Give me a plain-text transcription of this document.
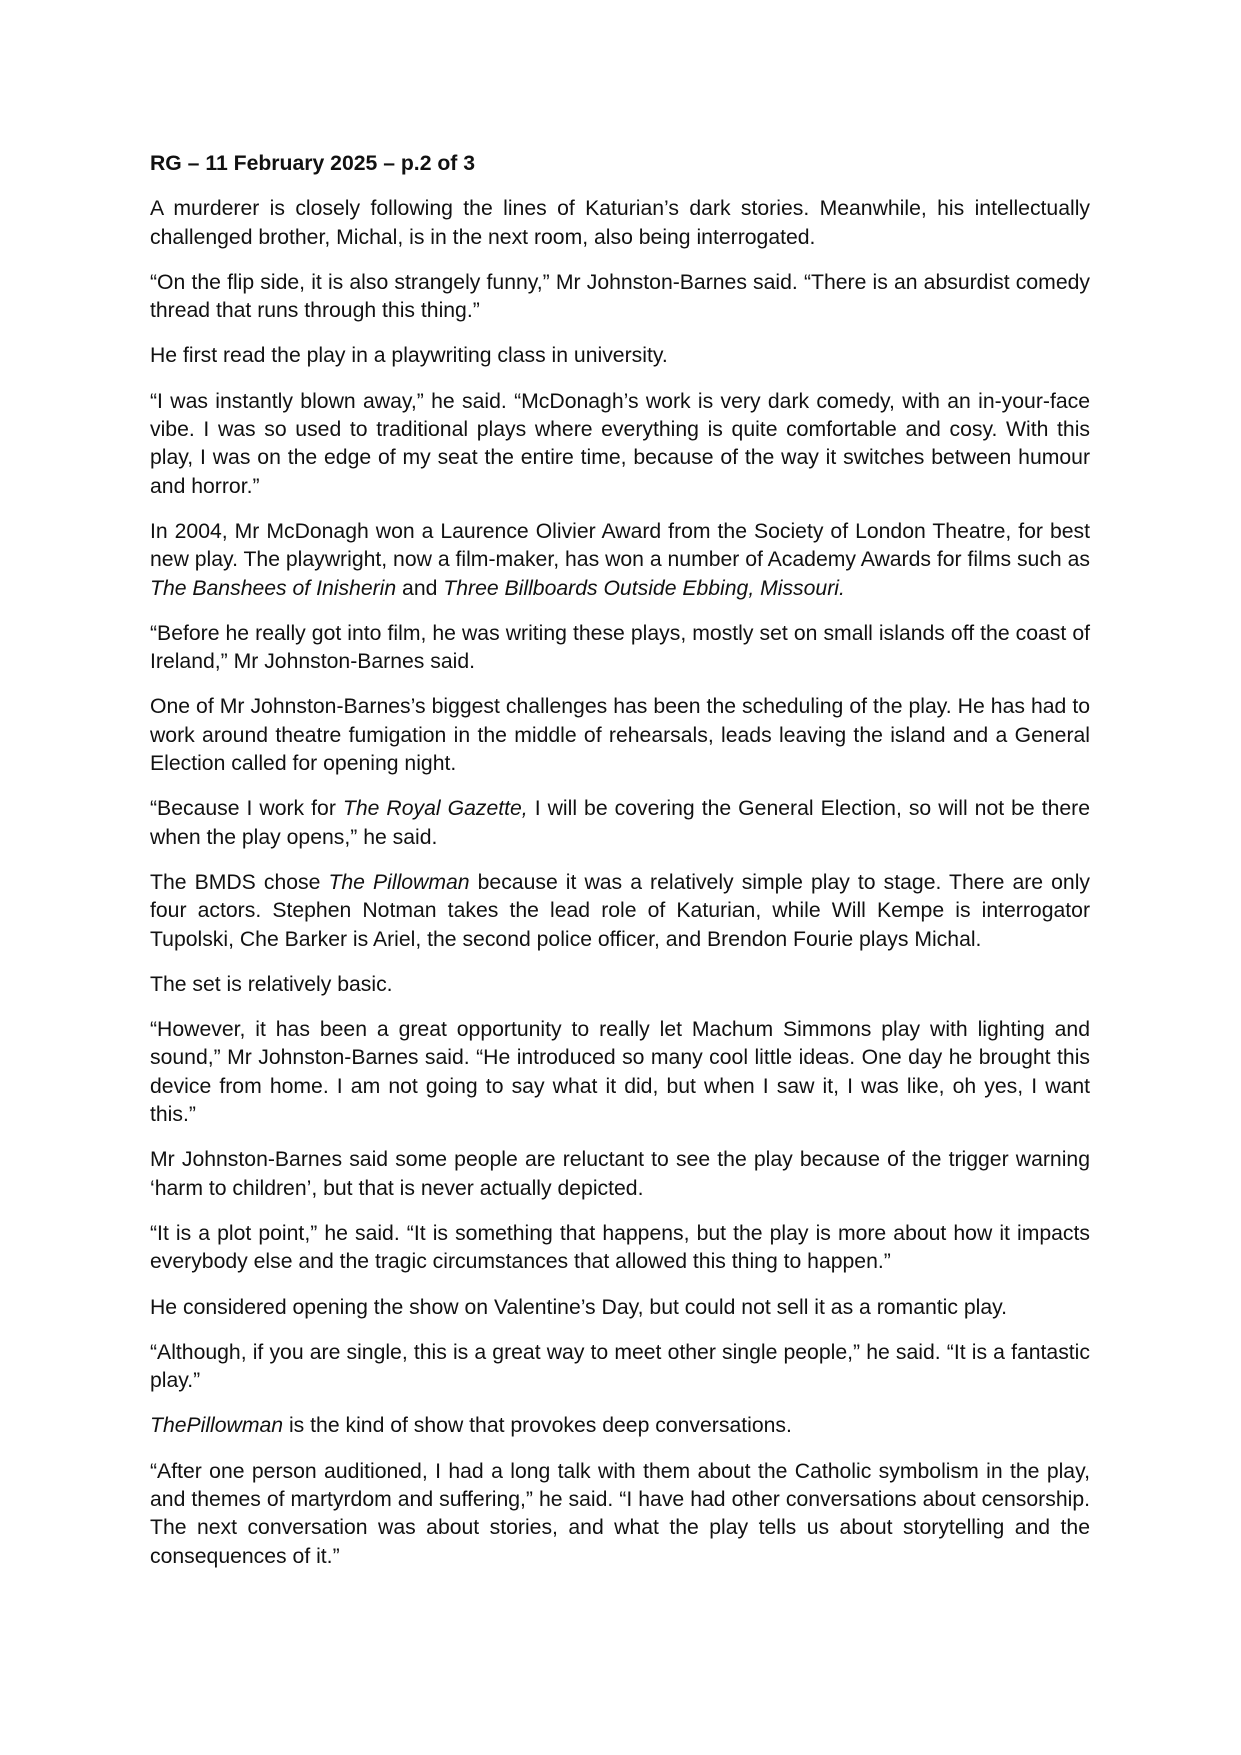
RG – 11 February 2025 – p.2 of 3

A murderer is closely following the lines of Katurian’s dark stories. Meanwhile, his intellectually challenged brother, Michal, is in the next room, also being interrogated.

“On the flip side, it is also strangely funny,” Mr Johnston-Barnes said. “There is an absurdist comedy thread that runs through this thing.”

He first read the play in a playwriting class in university.

“I was instantly blown away,” he said. “McDonagh’s work is very dark comedy, with an in-your-face vibe. I was so used to traditional plays where everything is quite comfortable and cosy. With this play, I was on the edge of my seat the entire time, because of the way it switches between humour and horror.”

In 2004, Mr McDonagh won a Laurence Olivier Award from the Society of London Theatre, for best new play. The playwright, now a film-maker, has won a number of Academy Awards for films such as The Banshees of Inisherin and Three Billboards Outside Ebbing, Missouri.

“Before he really got into film, he was writing these plays, mostly set on small islands off the coast of Ireland,” Mr Johnston-Barnes said.

One of Mr Johnston-Barnes’s biggest challenges has been the scheduling of the play. He has had to work around theatre fumigation in the middle of rehearsals, leads leaving the island and a General Election called for opening night.

“Because I work for The Royal Gazette, I will be covering the General Election, so will not be there when the play opens,” he said.

The BMDS chose The Pillowman because it was a relatively simple play to stage. There are only four actors. Stephen Notman takes the lead role of Katurian, while Will Kempe is interrogator Tupolski, Che Barker is Ariel, the second police officer, and Brendon Fourie plays Michal.

The set is relatively basic.

“However, it has been a great opportunity to really let Machum Simmons play with lighting and sound,” Mr Johnston-Barnes said. “He introduced so many cool little ideas. One day he brought this device from home. I am not going to say what it did, but when I saw it, I was like, oh yes, I want this.”

Mr Johnston-Barnes said some people are reluctant to see the play because of the trigger warning ‘harm to children’, but that is never actually depicted.

“It is a plot point,” he said. “It is something that happens, but the play is more about how it impacts everybody else and the tragic circumstances that allowed this thing to happen.”

He considered opening the show on Valentine’s Day, but could not sell it as a romantic play.

“Although, if you are single, this is a great way to meet other single people,” he said. “It is a fantastic play.”

ThePillowman is the kind of show that provokes deep conversations.

“After one person auditioned, I had a long talk with them about the Catholic symbolism in the play, and themes of martyrdom and suffering,” he said. “I have had other conversations about censorship. The next conversation was about stories, and what the play tells us about storytelling and the consequences of it.”
